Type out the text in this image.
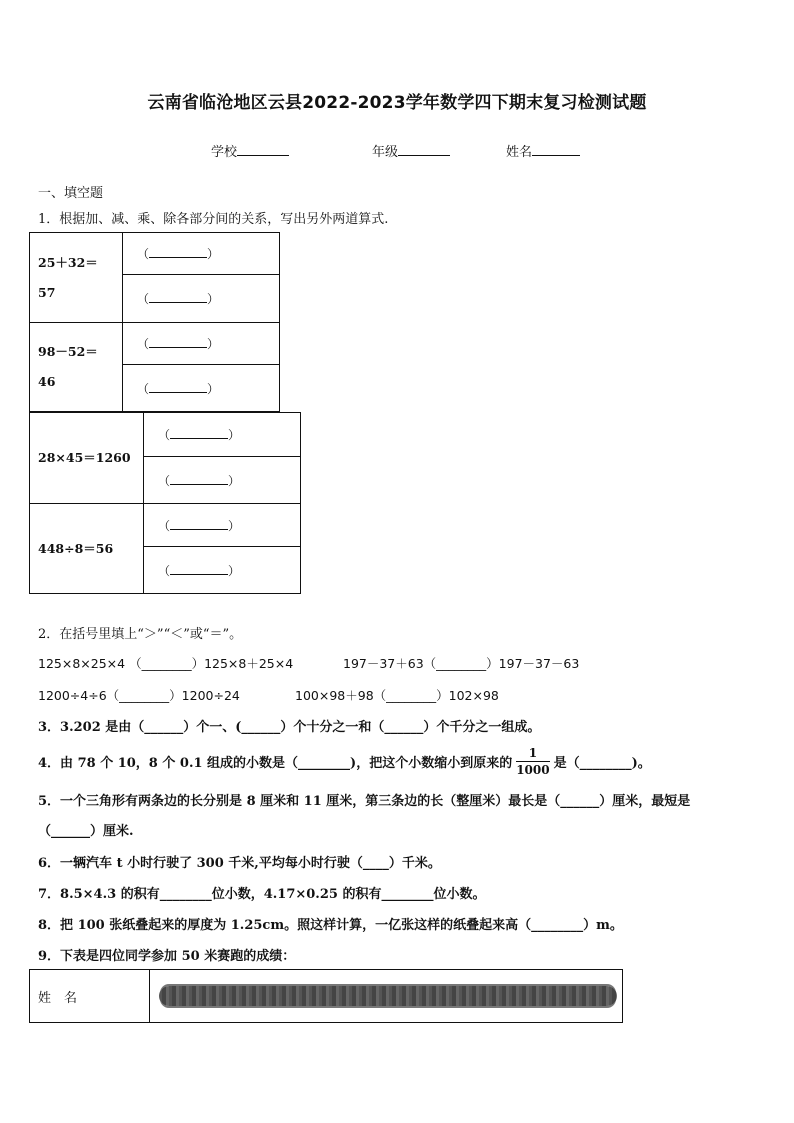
云南省临沧地区云县2022-2023学年数学四下期末复习检测试题
学校	年级	姓名
一、填空题
1．根据加、减、乘、除各部分间的关系，写出另外两道算式.
25＋32＝
57	（ ）
	（ ）

98－52＝
46	（ ）
	（ ）
28×45＝1260	（ ）
	（ ）
448÷8＝56	（ ）
	（ ）
2．在括号里填上“＞”“＜”或“＝”。
125×8×25×4 （________）125×8＋25×4	197－37＋63（________）197－37－63
1200÷4÷6（________）1200÷24	100×98＋98（________）102×98
3．3.202 是由（______）个一、(______）个十分之一和（______）个千分之一组成。
4．由 78 个 10，8 个 0.1 组成的小数是（________)，把这个小数缩小到原来的 $\frac{1}{1000}$ 是（________)。
5．一个三角形有两条边的长分别是 8 厘米和 11 厘米，第三条边的长（整厘米）最长是（______）厘米，最短是
（______）厘米.
6．一辆汽车 t 小时行驶了 300 千米,平均每小时行驶（____）千米。
7．8.5×4.3 的积有________位小数，4.17×0.25 的积有________位小数。
8．把 100 张纸叠起来的厚度为 1.25cm。照这样计算，一亿张这样的纸叠起来高（________）m。
9．下表是四位同学参加 50 米赛跑的成绩：
姓　名	
